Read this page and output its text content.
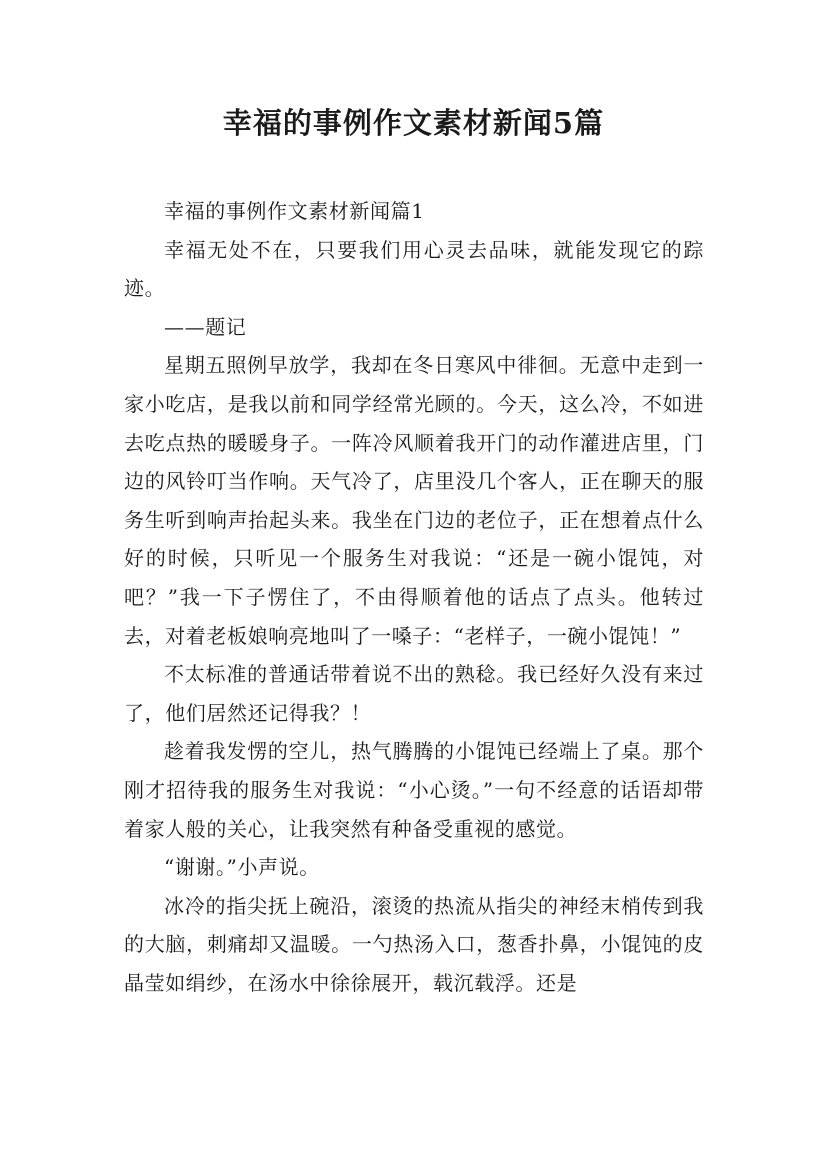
幸福的事例作文素材新闻5篇

幸福的事例作文素材新闻篇1

幸福无处不在，只要我们用心灵去品味，就能发现它的踪迹。

——题记

星期五照例早放学，我却在冬日寒风中徘徊。无意中走到一家小吃店，是我以前和同学经常光顾的。今天，这么冷，不如进去吃点热的暖暖身子。一阵冷风顺着我开门的动作灌进店里，门边的风铃叮当作响。天气冷了，店里没几个客人，正在聊天的服务生听到响声抬起头来。我坐在门边的老位子，正在想着点什么好的时候，只听见一个服务生对我说：“还是一碗小馄饨，对吧？”我一下子愣住了，不由得顺着他的话点了点头。他转过去，对着老板娘响亮地叫了一嗓子：“老样子，一碗小馄饨！”

不太标准的普通话带着说不出的熟稔。我已经好久没有来过了，他们居然还记得我？！

趁着我发愣的空儿，热气腾腾的小馄饨已经端上了桌。那个刚才招待我的服务生对我说：“小心烫。”一句不经意的话语却带着家人般的关心，让我突然有种备受重视的感觉。

“谢谢。”小声说。

冰冷的指尖抚上碗沿，滚烫的热流从指尖的神经末梢传到我的大脑，刺痛却又温暖。一勺热汤入口，葱香扑鼻，小馄饨的皮晶莹如绢纱，在汤水中徐徐展开，载沉载浮。还是
